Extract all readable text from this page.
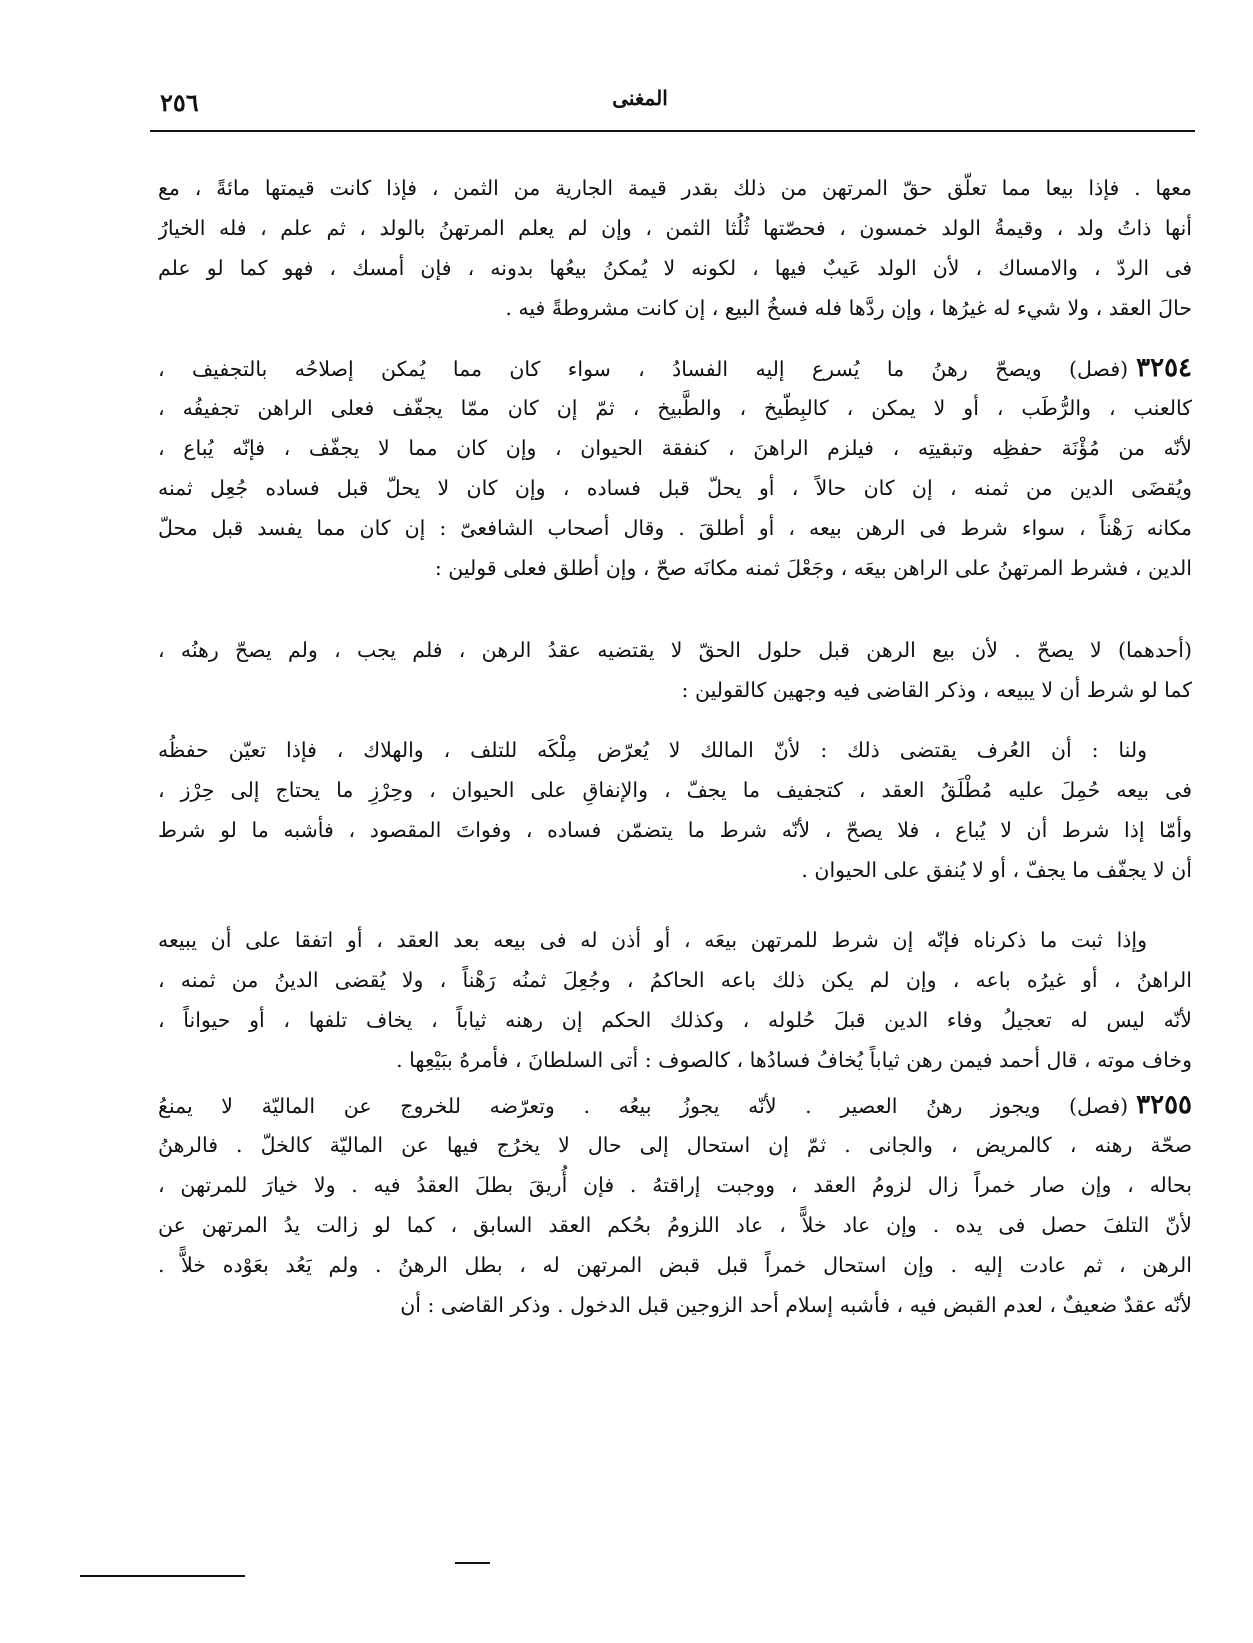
٢٥٦	المغنى
معها . فإذا بيعا مما تعلّق حقّ المرتهن من ذلك بقدر قيمة الجارية من الثمن ، فإذا كانت قيمتها مائةً ، مع
أنها ذاتُ ولد ، وقيمةُ الولد خمسون ، فحصّتها ثُلُثا الثمن ، وإن لم يعلم المرتهنُ بالولد ، ثم علم ، فله الخيارُ
فى الردّ ، والامساك ، لأن الولد عَيبٌ فيها ، لكونه لا يُمكنُ بيعُها بدونه ، فإن أمسك ، فهو كما لو علم
حالَ العقد ، ولا شيء له غيرُها ، وإن ردَّها فله فسخُ البيع ، إن كانت مشروطةً فيه .
٣٢٥٤(فصل) ويصحّ رهنُ ما يُسرع إليه الفسادُ ، سواء كان مما يُمكن إصلاحُه بالتجفيف ،
كالعنب ، والرُّطَب ، أو لا يمكن ، كالبِطّيخ ، والطَّبيخ ، ثمّ إن كان ممّا يجفّف فعلى الراهن تجفيفُه ،
لأنّه من مُؤْنَة حفظِه وتبقيتِه ، فيلزم الراهنَ ، كنفقة الحيوان ، وإن كان مما لا يجفّف ، فإنّه يُباع ،
ويُقضَى الدين من ثمنه ، إن كان حالاً ، أو يحلّ قبل فساده ، وإن كان لا يحلّ قبل فساده جُعِل ثمنه
مكانه رَهْناً ، سواء شرط فى الرهن بيعه ، أو أطلقَ . وقال أصحاب الشافعىّ : إن كان مما يفسد قبل محلّ
الدين ، فشرط المرتهنُ على الراهن بيعَه ، وجَعْلَ ثمنه مكانَه صحّ ، وإن أطلق فعلى قولين :
(أحدهما) لا يصحّ . لأن بيع الرهن قبل حلول الحقّ لا يقتضيه عقدُ الرهن ، فلم يجب ، ولم يصحّ رهنُه ،
كما لو شرط أن لا يبيعه ، وذكر القاضى فيه وجهين كالقولين :
ولنا : أن العُرف يقتضى ذلك : لأنّ المالك لا يُعرّض مِلْكَه للتلف ، والهلاك ، فإذا تعيّن حفظُه
فى بيعه حُمِلَ عليه مُطْلَقُ العقد ، كتجفيف ما يجفّ ، والإنفاقِ على الحيوان ، وحِرْزِ ما يحتاج إلى حِرْز ،
وأمّا إذا شرط أن لا يُباع ، فلا يصحّ ، لأنّه شرط ما يتضمّن فساده ، وفواتَ المقصود ، فأشبه ما لو شرط
أن لا يجفّف ما يجفّ ، أو لا يُنفق على الحيوان .
وإذا ثبت ما ذكرناه فإنّه إن شرط للمرتهن بيعَه ، أو أذن له فى بيعه بعد العقد ، أو اتفقا على أن يبيعه
الراهنُ ، أو غيرُه باعه ، وإن لم يكن ذلك باعه الحاكمُ ، وجُعِلَ ثمنُه رَهْناً ، ولا يُقضى الدينُ من ثمنه ،
لأنّه ليس له تعجيلُ وفاء الدين قبلَ حُلوله ، وكذلك الحكم إن رهنه ثياباً ، يخاف تلفها ، أو حيواناً ،
وخاف موته ، قال أحمد فيمن رهن ثياباً يُخافُ فسادُها ، كالصوف : أتى السلطانَ ، فأمرهُ ببَيْعِها .
٣٢٥٥(فصل) ويجوز رهنُ العصير . لأنّه يجوزُ بيعُه . وتعرّضه للخروج عن الماليّة لا يمنعُ
صحّة رهنه ، كالمريض ، والجانى . ثمّ إن استحال إلى حال لا يخرُج فيها عن الماليّة كالخلّ . فالرهنُ
بحاله ، وإن صار خمراً زال لزومُ العقد ، ووجبت إراقتهُ . فإن أُريقَ بطلَ العقدُ فيه . ولا خيارَ للمرتهن ،
لأنّ التلفَ حصل فى يده . وإن عاد خلاًّ ، عاد اللزومُ بحُكم العقد السابق ، كما لو زالت يدُ المرتهن عن
الرهن ، ثم عادت إليه . وإن استحال خمراً قبل قبض المرتهن له ، بطل الرهنُ . ولم يَعُد بعَوْده خلاًّ .
لأنّه عقدٌ ضعيفٌ ، لعدم القبض فيه ، فأشبه إسلام أحد الزوجين قبل الدخول . وذكر القاضى : أن
